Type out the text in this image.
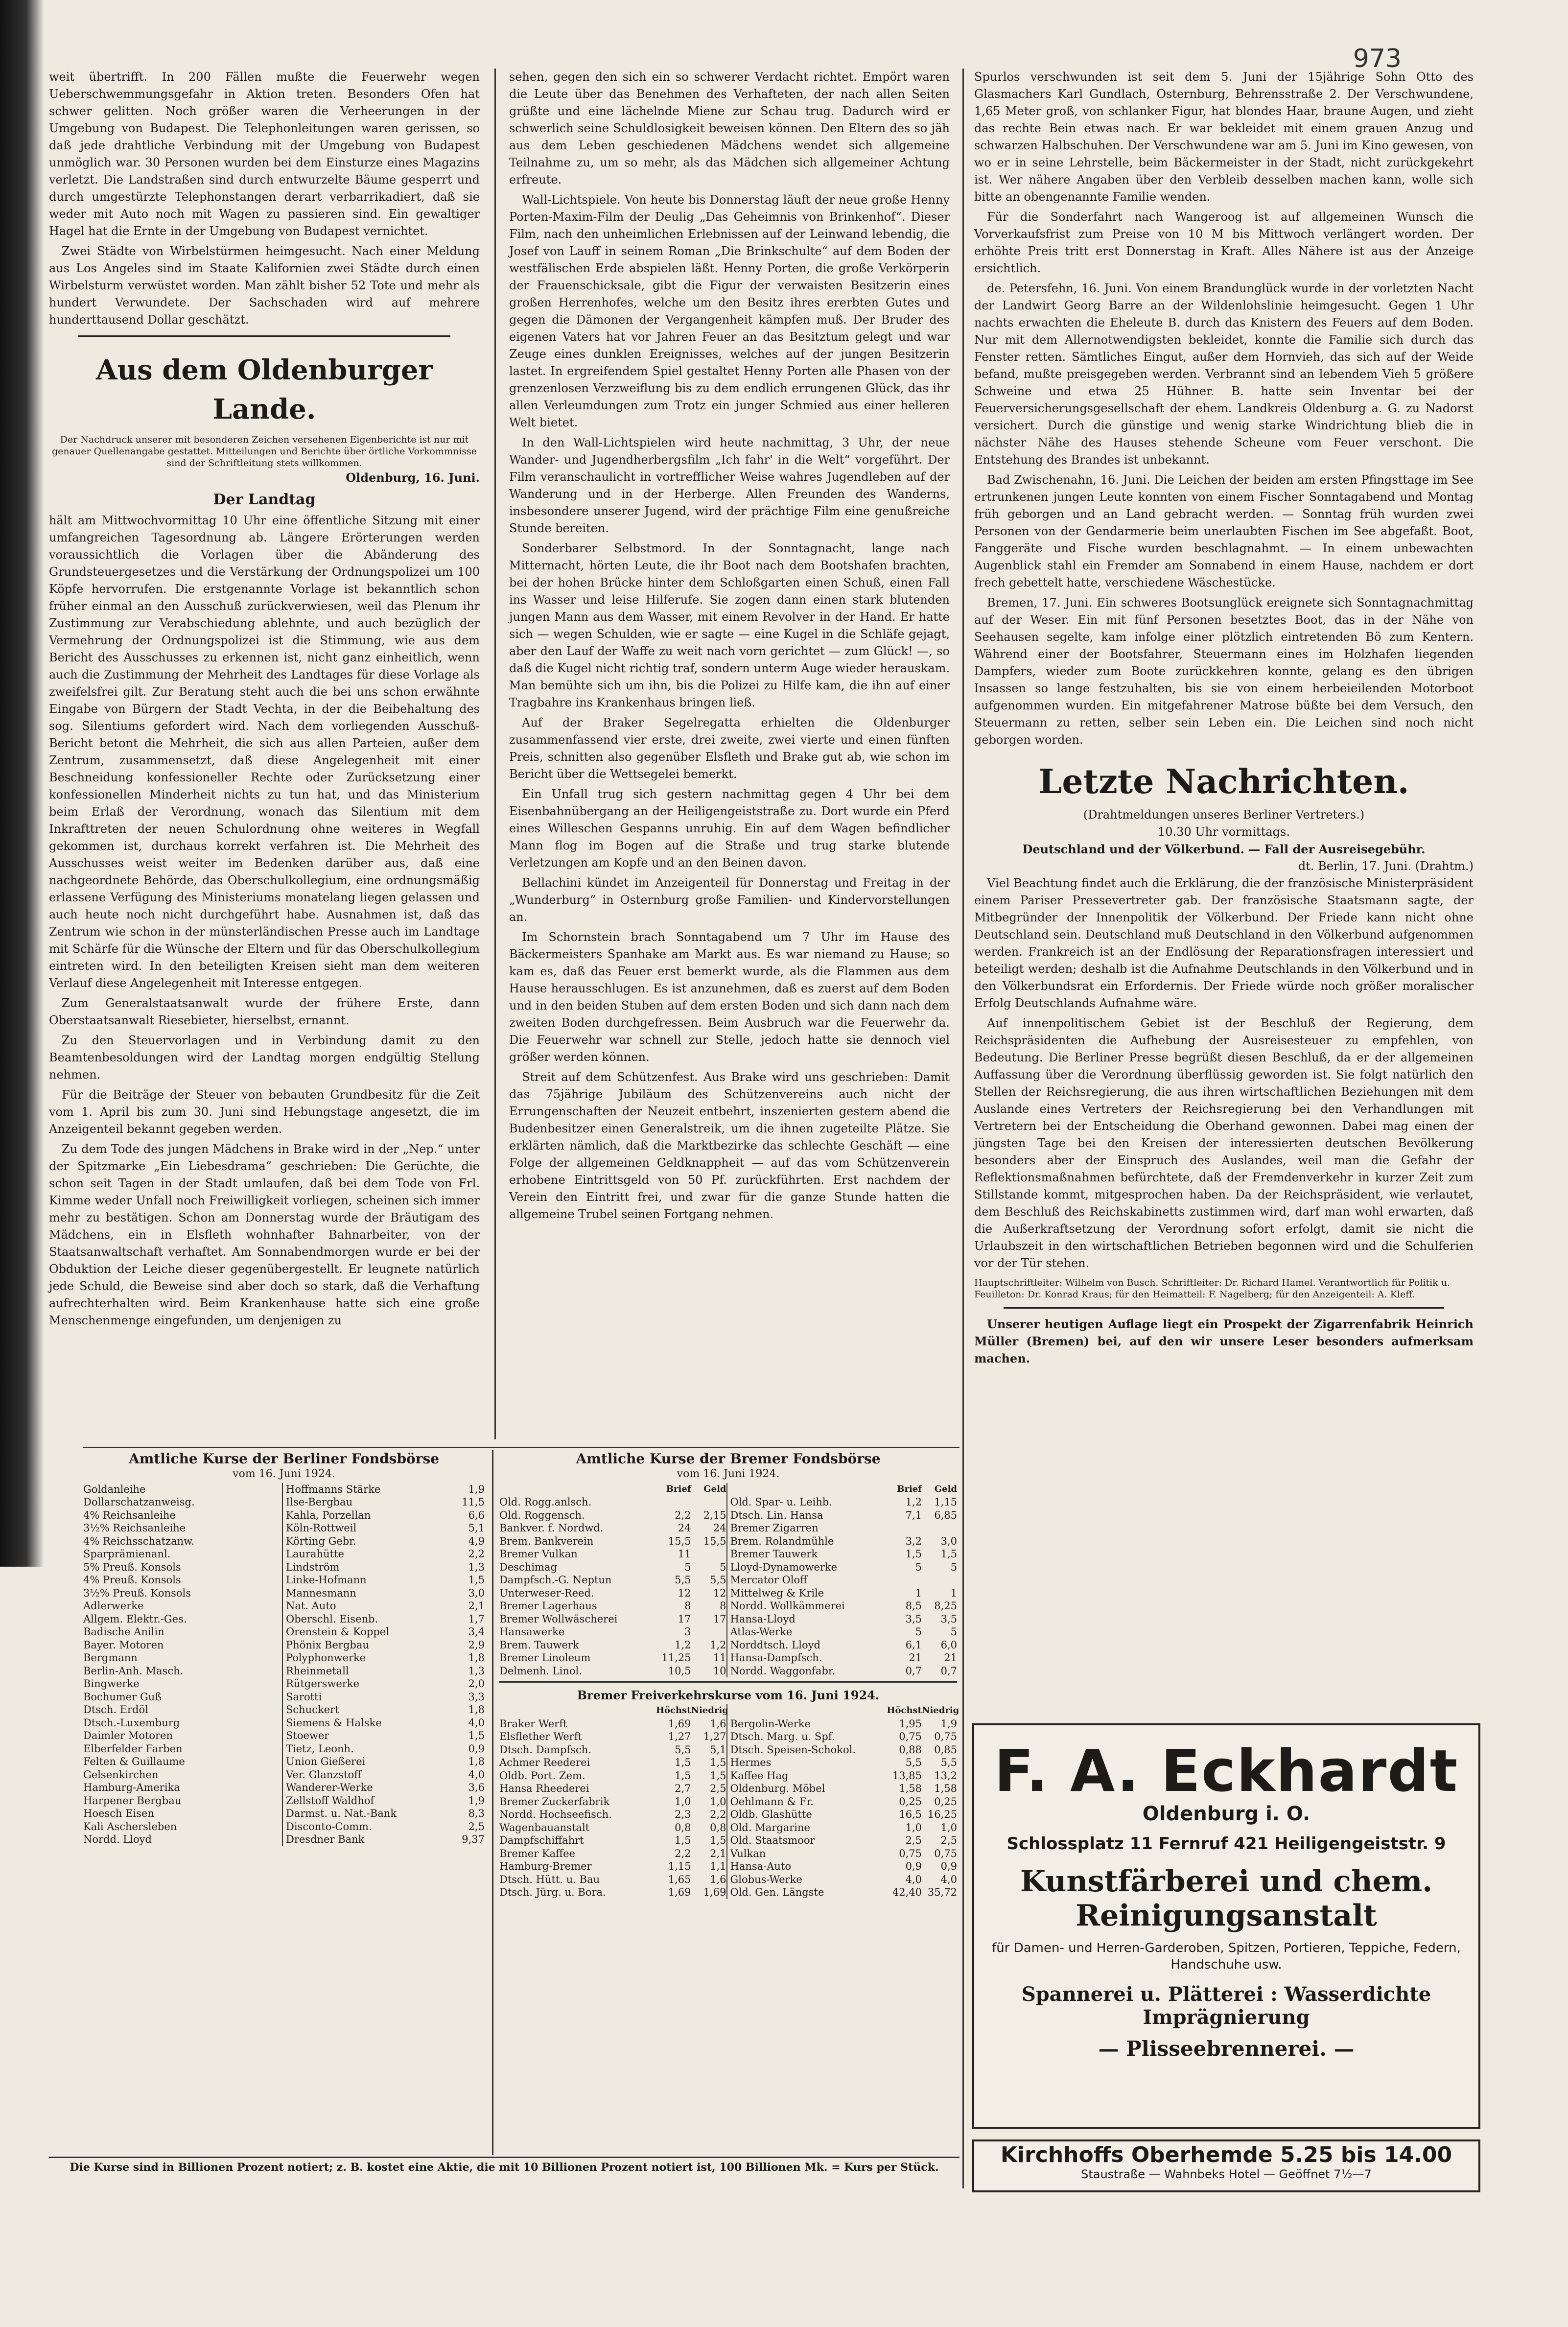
973

weit übertrifft. In 200 Fällen mußte die Feuerwehr wegen Ueberschwemmungsgefahr in Aktion treten. Besonders Ofen hat schwer gelitten. Noch größer waren die Verheerungen in der Umgebung von Budapest. Die Telephonleitungen waren gerissen, so daß jede drahtliche Verbindung mit der Umgebung von Budapest unmöglich war. 30 Personen wurden bei dem Einsturze eines Magazins verletzt. Die Landstraßen sind durch entwurzelte Bäume gesperrt und durch umgestürzte Telephonstangen derart verbarrikadiert, daß sie weder mit Auto noch mit Wagen zu passieren sind. Ein gewaltiger Hagel hat die Ernte in der Umgebung von Budapest vernichtet.

Zwei Städte von Wirbelstürmen heimgesucht. Nach einer Meldung aus Los Angeles sind im Staate Kalifornien zwei Städte durch einen Wirbelsturm verwüstet worden. Man zählt bisher 52 Tote und mehr als hundert Verwundete. Der Sachschaden wird auf mehrere hunderttausend Dollar geschätzt.

Aus dem Oldenburger Lande.
Der Nachdruck unserer mit besonderen Zeichen versehenen Eigenberichte ist nur mit genauer Quellenangabe gestattet. Mitteilungen und Berichte über örtliche Vorkommnisse sind der Schriftleitung stets willkommen.
Oldenburg, 16. Juni.
Der Landtag

hält am Mittwochvormittag 10 Uhr eine öffentliche Sitzung mit einer umfangreichen Tagesordnung ab. Längere Erörterungen werden voraussichtlich die Vorlagen über die Abänderung des Grundsteuergesetzes und die Verstärkung der Ordnungspolizei um 100 Köpfe hervorrufen. Die erstgenannte Vorlage ist bekanntlich schon früher einmal an den Ausschuß zurückverwiesen, weil das Plenum ihr Zustimmung zur Verabschiedung ablehnte, und auch bezüglich der Vermehrung der Ordnungspolizei ist die Stimmung, wie aus dem Bericht des Ausschusses zu erkennen ist, nicht ganz einheitlich, wenn auch die Zustimmung der Mehrheit des Landtages für diese Vorlage als zweifelsfrei gilt. Zur Beratung steht auch die bei uns schon erwähnte Eingabe von Bürgern der Stadt Vechta, in der die Beibehaltung des sog. Silentiums gefordert wird. Nach dem vorliegenden Ausschuß-Bericht betont die Mehrheit, die sich aus allen Parteien, außer dem Zentrum, zusammensetzt, daß diese Angelegenheit mit einer Beschneidung konfessioneller Rechte oder Zurücksetzung einer konfessionellen Minderheit nichts zu tun hat, und das Ministerium beim Erlaß der Verordnung, wonach das Silentium mit dem Inkrafttreten der neuen Schulordnung ohne weiteres in Wegfall gekommen ist, durchaus korrekt verfahren ist. Die Mehrheit des Ausschusses weist weiter im Bedenken darüber aus, daß eine nachgeordnete Behörde, das Oberschulkollegium, eine ordnungsmäßig erlassene Verfügung des Ministeriums monatelang liegen gelassen und auch heute noch nicht durchgeführt habe. Ausnahmen ist, daß das Zentrum wie schon in der münsterländischen Presse auch im Landtage mit Schärfe für die Wünsche der Eltern und für das Oberschulkollegium eintreten wird. In den beteiligten Kreisen sieht man dem weiteren Verlauf diese Angelegenheit mit Interesse entgegen.

Zum Generalstaatsanwalt wurde der frühere Erste, dann Oberstaatsanwalt Riesebieter, hierselbst, ernannt.

Zu den Steuervorlagen und in Verbindung damit zu den Beamtenbesoldungen wird der Landtag morgen endgültig Stellung nehmen.

Für die Beiträge der Steuer von bebauten Grundbesitz für die Zeit vom 1. April bis zum 30. Juni sind Hebungstage angesetzt, die im Anzeigenteil bekannt gegeben werden.

Zu dem Tode des jungen Mädchens in Brake wird in der „Nep.“ unter der Spitzmarke „Ein Liebesdrama“ geschrieben: Die Gerüchte, die schon seit Tagen in der Stadt umlaufen, daß bei dem Tode von Frl. Kimme weder Unfall noch Freiwilligkeit vorliegen, scheinen sich immer mehr zu bestätigen. Schon am Donnerstag wurde der Bräutigam des Mädchens, ein in Elsfleth wohnhafter Bahnarbeiter, von der Staatsanwaltschaft verhaftet. Am Sonnabendmorgen wurde er bei der Obduktion der Leiche dieser gegenübergestellt. Er leugnete natürlich jede Schuld, die Beweise sind aber doch so stark, daß die Verhaftung aufrechterhalten wird. Beim Krankenhause hatte sich eine große Menschenmenge eingefunden, um denjenigen zu

sehen, gegen den sich ein so schwerer Verdacht richtet. Empört waren die Leute über das Benehmen des Verhafteten, der nach allen Seiten grüßte und eine lächelnde Miene zur Schau trug. Dadurch wird er schwerlich seine Schuldlosigkeit beweisen können. Den Eltern des so jäh aus dem Leben geschiedenen Mädchens wendet sich allgemeine Teilnahme zu, um so mehr, als das Mädchen sich allgemeiner Achtung erfreute.

Wall-Lichtspiele. Von heute bis Donnerstag läuft der neue große Henny Porten-Maxim-Film der Deulig „Das Geheimnis von Brinkenhof“. Dieser Film, nach den unheimlichen Erlebnissen auf der Leinwand lebendig, die Josef von Lauff in seinem Roman „Die Brinkschulte“ auf dem Boden der westfälischen Erde abspielen läßt. Henny Porten, die große Verkörperin der Frauenschicksale, gibt die Figur der verwaisten Besitzerin eines großen Herrenhofes, welche um den Besitz ihres ererbten Gutes und gegen die Dämonen der Vergangenheit kämpfen muß. Der Bruder des eigenen Vaters hat vor Jahren Feuer an das Besitztum gelegt und war Zeuge eines dunklen Ereignisses, welches auf der jungen Besitzerin lastet. In ergreifendem Spiel gestaltet Henny Porten alle Phasen von der grenzenlosen Verzweiflung bis zu dem endlich errungenen Glück, das ihr allen Verleumdungen zum Trotz ein junger Schmied aus einer helleren Welt bietet.

In den Wall-Lichtspielen wird heute nachmittag, 3 Uhr, der neue Wander- und Jugendherbergsfilm „Ich fahr' in die Welt“ vorgeführt. Der Film veranschaulicht in vortrefflicher Weise wahres Jugendleben auf der Wanderung und in der Herberge. Allen Freunden des Wanderns, insbesondere unserer Jugend, wird der prächtige Film eine genußreiche Stunde bereiten.

Sonderbarer Selbstmord. In der Sonntagnacht, lange nach Mitternacht, hörten Leute, die ihr Boot nach dem Bootshafen brachten, bei der hohen Brücke hinter dem Schloßgarten einen Schuß, einen Fall ins Wasser und leise Hilferufe. Sie zogen dann einen stark blutenden jungen Mann aus dem Wasser, mit einem Revolver in der Hand. Er hatte sich — wegen Schulden, wie er sagte — eine Kugel in die Schläfe gejagt, aber den Lauf der Waffe zu weit nach vorn gerichtet — zum Glück! —, so daß die Kugel nicht richtig traf, sondern unterm Auge wieder herauskam. Man bemühte sich um ihn, bis die Polizei zu Hilfe kam, die ihn auf einer Tragbahre ins Krankenhaus bringen ließ.

Auf der Braker Segelregatta erhielten die Oldenburger zusammenfassend vier erste, drei zweite, zwei vierte und einen fünften Preis, schnitten also gegenüber Elsfleth und Brake gut ab, wie schon im Bericht über die Wettsegelei bemerkt.

Ein Unfall trug sich gestern nachmittag gegen 4 Uhr bei dem Eisenbahnübergang an der Heiligengeiststraße zu. Dort wurde ein Pferd eines Willeschen Gespanns unruhig. Ein auf dem Wagen befindlicher Mann flog im Bogen auf die Straße und trug starke blutende Verletzungen am Kopfe und an den Beinen davon.

Bellachini kündet im Anzeigenteil für Donnerstag und Freitag in der „Wunderburg“ in Osternburg große Familien- und Kindervorstellungen an.

Im Schornstein brach Sonntagabend um 7 Uhr im Hause des Bäckermeisters Spanhake am Markt aus. Es war niemand zu Hause; so kam es, daß das Feuer erst bemerkt wurde, als die Flammen aus dem Hause herausschlugen. Es ist anzunehmen, daß es zuerst auf dem Boden und in den beiden Stuben auf dem ersten Boden und sich dann nach dem zweiten Boden durchgefressen. Beim Ausbruch war die Feuerwehr da. Die Feuerwehr war schnell zur Stelle, jedoch hatte sie dennoch viel größer werden können.

Streit auf dem Schützenfest. Aus Brake wird uns geschrieben: Damit das 75jährige Jubiläum des Schützenvereins auch nicht der Errungenschaften der Neuzeit entbehrt, inszenierten gestern abend die Budenbesitzer einen Generalstreik, um die ihnen zugeteilte Plätze. Sie erklärten nämlich, daß die Marktbezirke das schlechte Geschäft — eine Folge der allgemeinen Geldknappheit — auf das vom Schützenverein erhobene Eintrittsgeld von 50 Pf. zurückführten. Erst nachdem der Verein den Eintritt frei, und zwar für die ganze Stunde hatten die allgemeine Trubel seinen Fortgang nehmen.

Spurlos verschwunden ist seit dem 5. Juni der 15jährige Sohn Otto des Glasmachers Karl Gundlach, Osternburg, Behrensstraße 2. Der Verschwundene, 1,65 Meter groß, von schlanker Figur, hat blondes Haar, braune Augen, und zieht das rechte Bein etwas nach. Er war bekleidet mit einem grauen Anzug und schwarzen Halbschuhen. Der Verschwundene war am 5. Juni im Kino gewesen, von wo er in seine Lehrstelle, beim Bäckermeister in der Stadt, nicht zurückgekehrt ist. Wer nähere Angaben über den Verbleib desselben machen kann, wolle sich bitte an obengenannte Familie wenden.

Für die Sonderfahrt nach Wangeroog ist auf allgemeinen Wunsch die Vorverkaufsfrist zum Preise von 10 M bis Mittwoch verlängert worden. Der erhöhte Preis tritt erst Donnerstag in Kraft. Alles Nähere ist aus der Anzeige ersichtlich.

de. Petersfehn, 16. Juni. Von einem Brandunglück wurde in der vorletzten Nacht der Landwirt Georg Barre an der Wildenlohslinie heimgesucht. Gegen 1 Uhr nachts erwachten die Eheleute B. durch das Knistern des Feuers auf dem Boden. Nur mit dem Allernotwendigsten bekleidet, konnte die Familie sich durch das Fenster retten. Sämtliches Eingut, außer dem Hornvieh, das sich auf der Weide befand, mußte preisgegeben werden. Verbrannt sind an lebendem Vieh 5 größere Schweine und etwa 25 Hühner. B. hatte sein Inventar bei der Feuerversicherungsgesellschaft der ehem. Landkreis Oldenburg a. G. zu Nadorst versichert. Durch die günstige und wenig starke Windrichtung blieb die in nächster Nähe des Hauses stehende Scheune vom Feuer verschont. Die Entstehung des Brandes ist unbekannt.

Bad Zwischenahn, 16. Juni. Die Leichen der beiden am ersten Pfingsttage im See ertrunkenen jungen Leute konnten von einem Fischer Sonntagabend und Montag früh geborgen und an Land gebracht werden. — Sonntag früh wurden zwei Personen von der Gendarmerie beim unerlaubten Fischen im See abgefaßt. Boot, Fanggeräte und Fische wurden beschlagnahmt. — In einem unbewachten Augenblick stahl ein Fremder am Sonnabend in einem Hause, nachdem er dort frech gebettelt hatte, verschiedene Wäschestücke.

Bremen, 17. Juni. Ein schweres Bootsunglück ereignete sich Sonntagnachmittag auf der Weser. Ein mit fünf Personen besetztes Boot, das in der Nähe von Seehausen segelte, kam infolge einer plötzlich eintretenden Bö zum Kentern. Während einer der Bootsfahrer, Steuermann eines im Holzhafen liegenden Dampfers, wieder zum Boote zurückkehren konnte, gelang es den übrigen Insassen so lange festzuhalten, bis sie von einem herbeieilenden Motorboot aufgenommen wurden. Ein mitgefahrener Matrose büßte bei dem Versuch, den Steuermann zu retten, selber sein Leben ein. Die Leichen sind noch nicht geborgen worden.

Letzte Nachrichten.
(Drahtmeldungen unseres Berliner Vertreters.)
10.30 Uhr vormittags.
Deutschland und der Völkerbund. — Fall der Ausreisegebühr.
dt. Berlin, 17. Juni. (Drahtm.)

Viel Beachtung findet auch die Erklärung, die der französische Ministerpräsident einem Pariser Pressevertreter gab. Der französische Staatsmann sagte, der Mitbegründer der Innenpolitik der Völkerbund. Der Friede kann nicht ohne Deutschland sein. Deutschland muß Deutschland in den Völkerbund aufgenommen werden. Frankreich ist an der Endlösung der Reparationsfragen interessiert und beteiligt werden; deshalb ist die Aufnahme Deutschlands in den Völkerbund und in den Völkerbundsrat ein Erfordernis. Der Friede würde noch größer moralischer Erfolg Deutschlands Aufnahme wäre.

Auf innenpolitischem Gebiet ist der Beschluß der Regierung, dem Reichspräsidenten die Aufhebung der Ausreisesteuer zu empfehlen, von Bedeutung. Die Berliner Presse begrüßt diesen Beschluß, da er der allgemeinen Auffassung über die Verordnung überflüssig geworden ist. Sie folgt natürlich den Stellen der Reichsregierung, die aus ihren wirtschaftlichen Beziehungen mit dem Auslande eines Vertreters der Reichsregierung bei den Verhandlungen mit Vertretern bei der Entscheidung die Oberhand gewonnen. Dabei mag einen der jüngsten Tage bei den Kreisen der interessierten deutschen Bevölkerung besonders aber der Einspruch des Auslandes, weil man die Gefahr der Reflektionsmaßnahmen befürchtete, daß der Fremdenverkehr in kurzer Zeit zum Stillstande kommt, mitgesprochen haben. Da der Reichspräsident, wie verlautet, dem Beschluß des Reichskabinetts zustimmen wird, darf man wohl erwarten, daß die Außerkraftsetzung der Verordnung sofort erfolgt, damit sie nicht die Urlaubszeit in den wirtschaftlichen Betrieben begonnen wird und die Schulferien vor der Tür stehen.

Hauptschriftleiter: Wilhelm von Busch. Schriftleiter: Dr. Richard Hamel. Verantwortlich für Politik u. Feuilleton: Dr. Konrad Kraus; für den Heimatteil: F. Nagelberg; für den Anzeigenteil: A. Kleff.

Unserer heutigen Auflage liegt ein Prospekt der Zigarrenfabrik Heinrich Müller (Bremen) bei, auf den wir unsere Leser besonders aufmerksam machen.

Amtliche Kurse der Berliner Fondsbörse
vom 16. Juni 1924.
Goldanleihe
Dollarschatzanweisg.
4% Reichsanleihe
3½% Reichsanleihe
4% Reichsschatzanw.
Sparprämienanl.
5% Preuß. Konsols
4% Preuß. Konsols
3½% Preuß. Konsols
Adlerwerke
Allgem. Elektr.-Ges.
Badische Anilin
Bayer. Motoren
Bergmann
Berlin-Anh. Masch.
Bingwerke
Bochumer Guß
Dtsch. Erdöl
Dtsch.-Luxemburg
Daimler Motoren
Elberfelder Farben
Felten & Guillaume
Gelsenkirchen
Hamburg-Amerika
Harpener Bergbau
Hoesch Eisen
Kali Aschersleben
Nordd. Lloyd
Hoffmanns Stärke	1,9
Ilse-Bergbau	11,5
Kahla, Porzellan	6,6
Köln-Rottweil	5,1
Körting Gebr.	4,9
Laurahütte	2,2
Lindström	1,3
Linke-Hofmann	1,5
Mannesmann	3,0
Nat. Auto	2,1
Oberschl. Eisenb.	1,7
Orenstein & Koppel	3,4
Phönix Bergbau	2,9
Polyphonwerke	1,8
Rheinmetall	1,3
Rütgerswerke	2,0
Sarotti	3,3
Schuckert	1,8
Siemens & Halske	4,0
Stoewer	1,5
Tietz, Leonh.	0,9
Union Gießerei	1,8
Ver. Glanzstoff	4,0
Wanderer-Werke	3,6
Zellstoff Waldhof	1,9
Darmst. u. Nat.-Bank	8,3
Disconto-Comm.	2,5
Dresdner Bank	9,37
Amtliche Kurse der Bremer Fondsbörse
vom 16. Juni 1924.
Brief	Geld
Old. Rogg.anlsch.
Old. Roggensch.	2,2	2,15
Bankver. f. Nordwd.	24	24
Brem. Bankverein	15,5	15,5
Bremer Vulkan	11
Deschimag	5	5
Dampfsch.-G. Neptun	5,5	5,5
Unterweser-Reed.	12	12
Bremer Lagerhaus	8	8
Bremer Wollwäscherei	17	17
Hansawerke	3
Brem. Tauwerk	1,2	1,2
Bremer Linoleum	11,25	11
Delmenh. Linol.	10,5	10
Brief	Geld
Old. Spar- u. Leihb.	1,2	1,15
Dtsch. Lin. Hansa	7,1	6,85
Bremer Zigarren
Brem. Rolandmühle	3,2	3,0
Bremer Tauwerk	1,5	1,5
Lloyd-Dynamowerke	5	5
Mercator Oloff
Mittelweg & Krile	1	1
Nordd. Wollkämmerei	8,5	8,25
Hansa-Lloyd	3,5	3,5
Atlas-Werke	5	5
Norddtsch. Lloyd	6,1	6,0
Hansa-Dampfsch.	21	21
Nordd. Waggonfabr.	0,7	0,7
Bremer Freiverkehrskurse vom 16. Juni 1924.
Höchst Niedrig
Braker Werft	1,69	1,6
Elsflether Werft	1,27	1,27
Dtsch. Dampfsch.	5,5	5,1
Achmer Reederei	1,5	1,5
Oldb. Port. Zem.	1,5	1,5
Hansa Rheederei	2,7	2,5
Bremer Zuckerfabrik	1,0	1,0
Nordd. Hochseefisch.	2,3	2,2
Wagenbauanstalt	0,8	0,8
Dampfschiffahrt	1,5	1,5
Bremer Kaffee	2,2	2,1
Hamburg-Bremer	1,15	1,1
Dtsch. Hütt. u. Bau	1,65	1,6
Dtsch. Jürg. u. Bora.	1,69	1,69
Höchst Niedrig
Bergolin-Werke	1,95	1,9
Dtsch. Marg. u. Spf.	0,75	0,75
Dtsch. Speisen-Schokol.	0,88	0,85
Hermes	5,5	5,5
Kaffee Hag	13,85	13,2
Oldenburg. Möbel	1,58	1,58
Oehlmann & Fr.	0,25	0,25
Oldb. Glashütte	16,5 16,25
Old. Margarine	1,0	1,0
Old. Staatsmoor	2,5	2,5
Vulkan	0,75	0,75
Hansa-Auto	0,9	0,9
Globus-Werke	4,0	4,0
Old. Gen. Längste	42,40 35,72
Die Kurse sind in Billionen Prozent notiert; z. B. kostet eine Aktie, die mit 10 Billionen Prozent notiert ist, 100 Billionen Mk. = Kurs per Stück.
F. A. Eckhardt
Oldenburg i. O.
Schlossplatz 11 Fernruf 421 Heiligengeiststr. 9
Kunstfärberei und chem. Reinigungsanstalt
für Damen- und Herren-Garderoben, Spitzen, Portieren, Teppiche, Federn, Handschuhe usw.
Spannerei u. Plätterei : Wasserdichte Imprägnierung
— Plisseebrennerei. —
Kirchhoffs Oberhemde 5.25 bis 14.00
Staustraße — Wahnbeks Hotel — Geöffnet 7½—7
